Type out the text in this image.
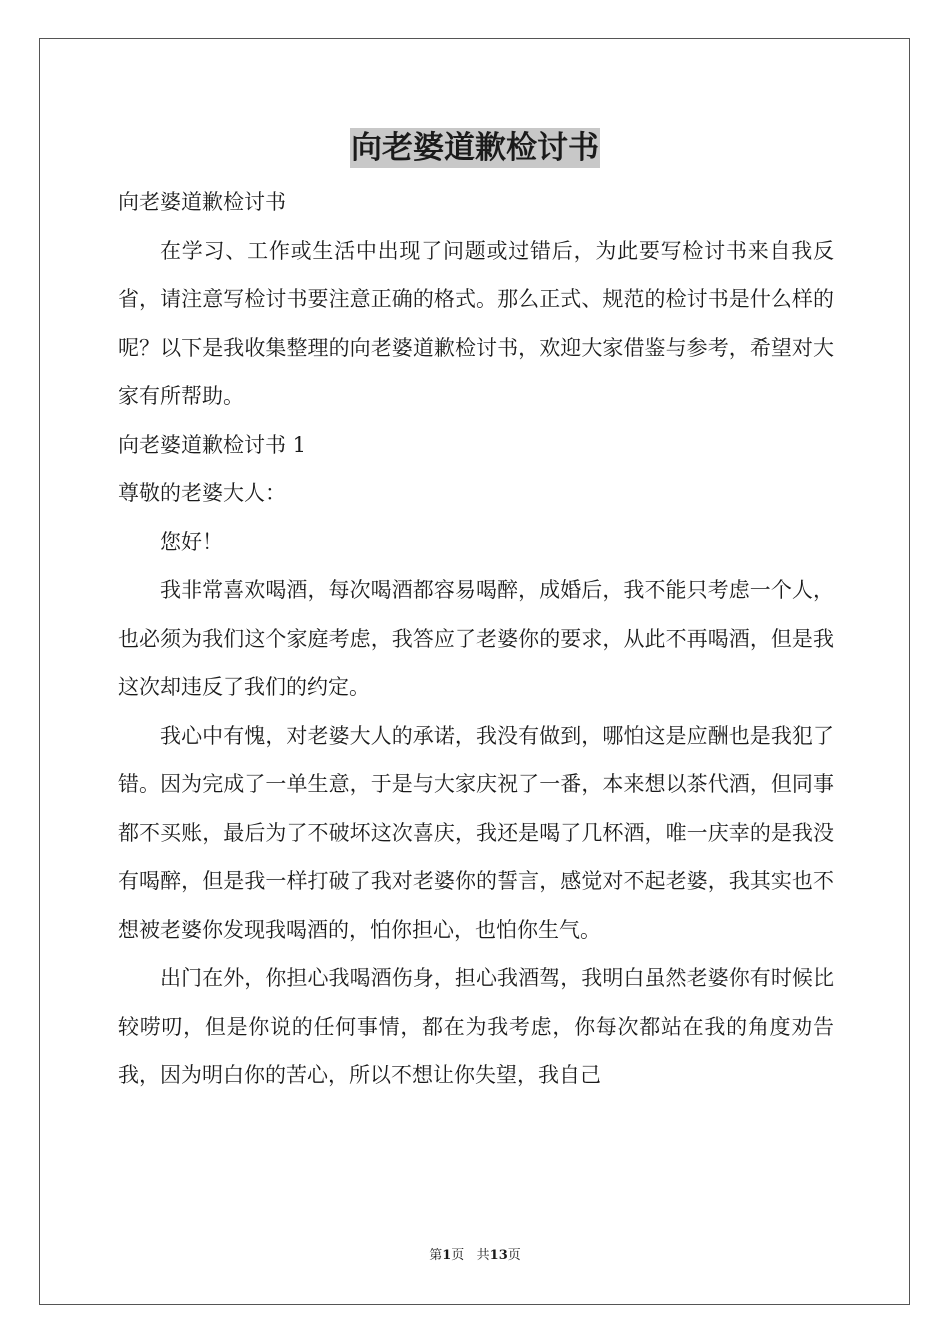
向老婆道歉检讨书

向老婆道歉检讨书

在学习、工作或生活中出现了问题或过错后，为此要写检讨书来自我反省，请注意写检讨书要注意正确的格式。那么正式、规范的检讨书是什么样的呢？以下是我收集整理的向老婆道歉检讨书，欢迎大家借鉴与参考，希望对大家有所帮助。

向老婆道歉检讨书 1

尊敬的老婆大人：

您好！

我非常喜欢喝酒，每次喝酒都容易喝醉，成婚后，我不能只考虑一个人，也必须为我们这个家庭考虑，我答应了老婆你的要求，从此不再喝酒，但是我这次却违反了我们的约定。

我心中有愧，对老婆大人的承诺，我没有做到，哪怕这是应酬也是我犯了错。因为完成了一单生意，于是与大家庆祝了一番，本来想以茶代酒，但同事都不买账，最后为了不破坏这次喜庆，我还是喝了几杯酒，唯一庆幸的是我没有喝醉，但是我一样打破了我对老婆你的誓言，感觉对不起老婆，我其实也不想被老婆你发现我喝酒的，怕你担心，也怕你生气。

出门在外，你担心我喝酒伤身，担心我酒驾，我明白虽然老婆你有时候比较唠叨，但是你说的任何事情，都在为我考虑，你每次都站在我的角度劝告我，因为明白你的苦心，所以不想让你失望，我自己

第1页   共13页
